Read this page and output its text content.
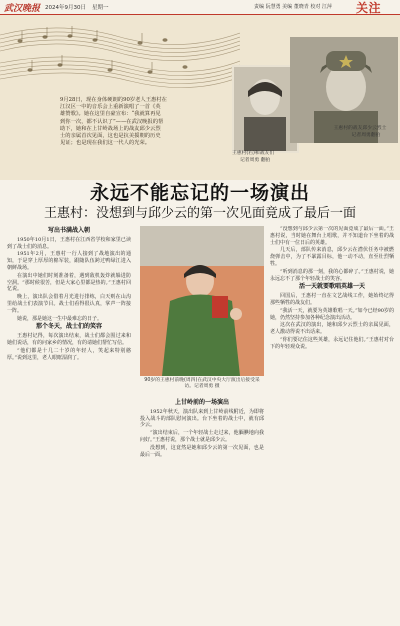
武汉晚报 2024年9月30日 星期一	责编 阮慧勇 美编 董晓青 校对 江萍 关注
9月28日，现在身体硬朗的90岁老人王惠村在
江汉区一中的音乐会上重新演唱了一首《英
雄赞歌》。她在这里自豪宣布：“我就算再见
到你一次，都不认识了”——在武汉晚报的帮
助下，她和在上甘岭战场上的战友邱少云烈
士的亲属首次见面，这也是抗美援朝的历史
见证；也是现在我们这一代人的光荣。
王惠村(右)和战友们
王惠村的战友邱少云烈士
记者周勇 翻拍
记者周勇翻拍
永远不能忘记的一场演出
王惠村：没想到与邱少云的第一次见面竟成了最后一面
写出书满战入朝

1950年10月1日，王惠村在江西省学校和家里已读到了战士们的消息。

1951年2月，王惠村一行人接到了战地演出的通知，于是穿上厚厚的棉军装，跟随队伍跨过鸭绿江进入朝鲜战场。

在演出中她们时刻准备着，遇到敌机轰炸就躲进防空洞。“那时候很苦，但是大家心里都是热的。”王惠村回忆说。

晚上，演出队会借着月光进行排练，白天则在山沟里给战士们表演节目。战士们看得很认真，掌声一阵接一阵。

她说，那是她这一生中最难忘的日子。

那个冬天，战士们的笑容

王惠村记得，每次演出结束，战士们都会围过来和她们说话，有的问家乡的情况，有的请她们帮忙写信。

“他们都是十几二十岁的年轻人，笑起来特别憨厚。”说到这里，老人眼眶湿润了。

90岁的王惠村前晚(周四)在武汉中央大厅演出后接受采访。记者周勇 摄
上甘岭前的一场演出

1952年秋天，演出队来到上甘岭前线附近，为即将投入战斗的部队慰问演出。台下坐着的战士中，就有邱少云。

“演出结束后，一个年轻战士走过来，他腼腆地向我问好。”王惠村说，那个战士就是邱少云。

没想到，这竟然是她和邱少云的第一次见面，也是最后一面。

“没想到与邱少云第一次的见面竟成了最后一面。”王惠村说，当时她在舞台上唱歌，并不知道台下坐着的战士们中有一位日后的英雄。

几天后，部队传来消息，邱少云在潜伏任务中被燃烧弹击中，为了不暴露目标，他一动不动，直至壮烈牺牲。

“听到消息的那一刻，我的心都碎了。”王惠村说，她永远忘不了那个年轻战士的笑容。

活一天就要歌唱英雄一天

回国后，王惠村一直在文艺战线工作，她始终记得那些牺牲的战友们。

“我活一天，就要为英雄歌唱一天。”如今已经90岁的她，仍然坚持参加各种纪念演出活动。

这次在武汉的演出，她和邱少云烈士的亲属见面，老人激动得说不出话来。

“你们要记住这些英雄，永远记住他们。”王惠村对台下的年轻观众说。
